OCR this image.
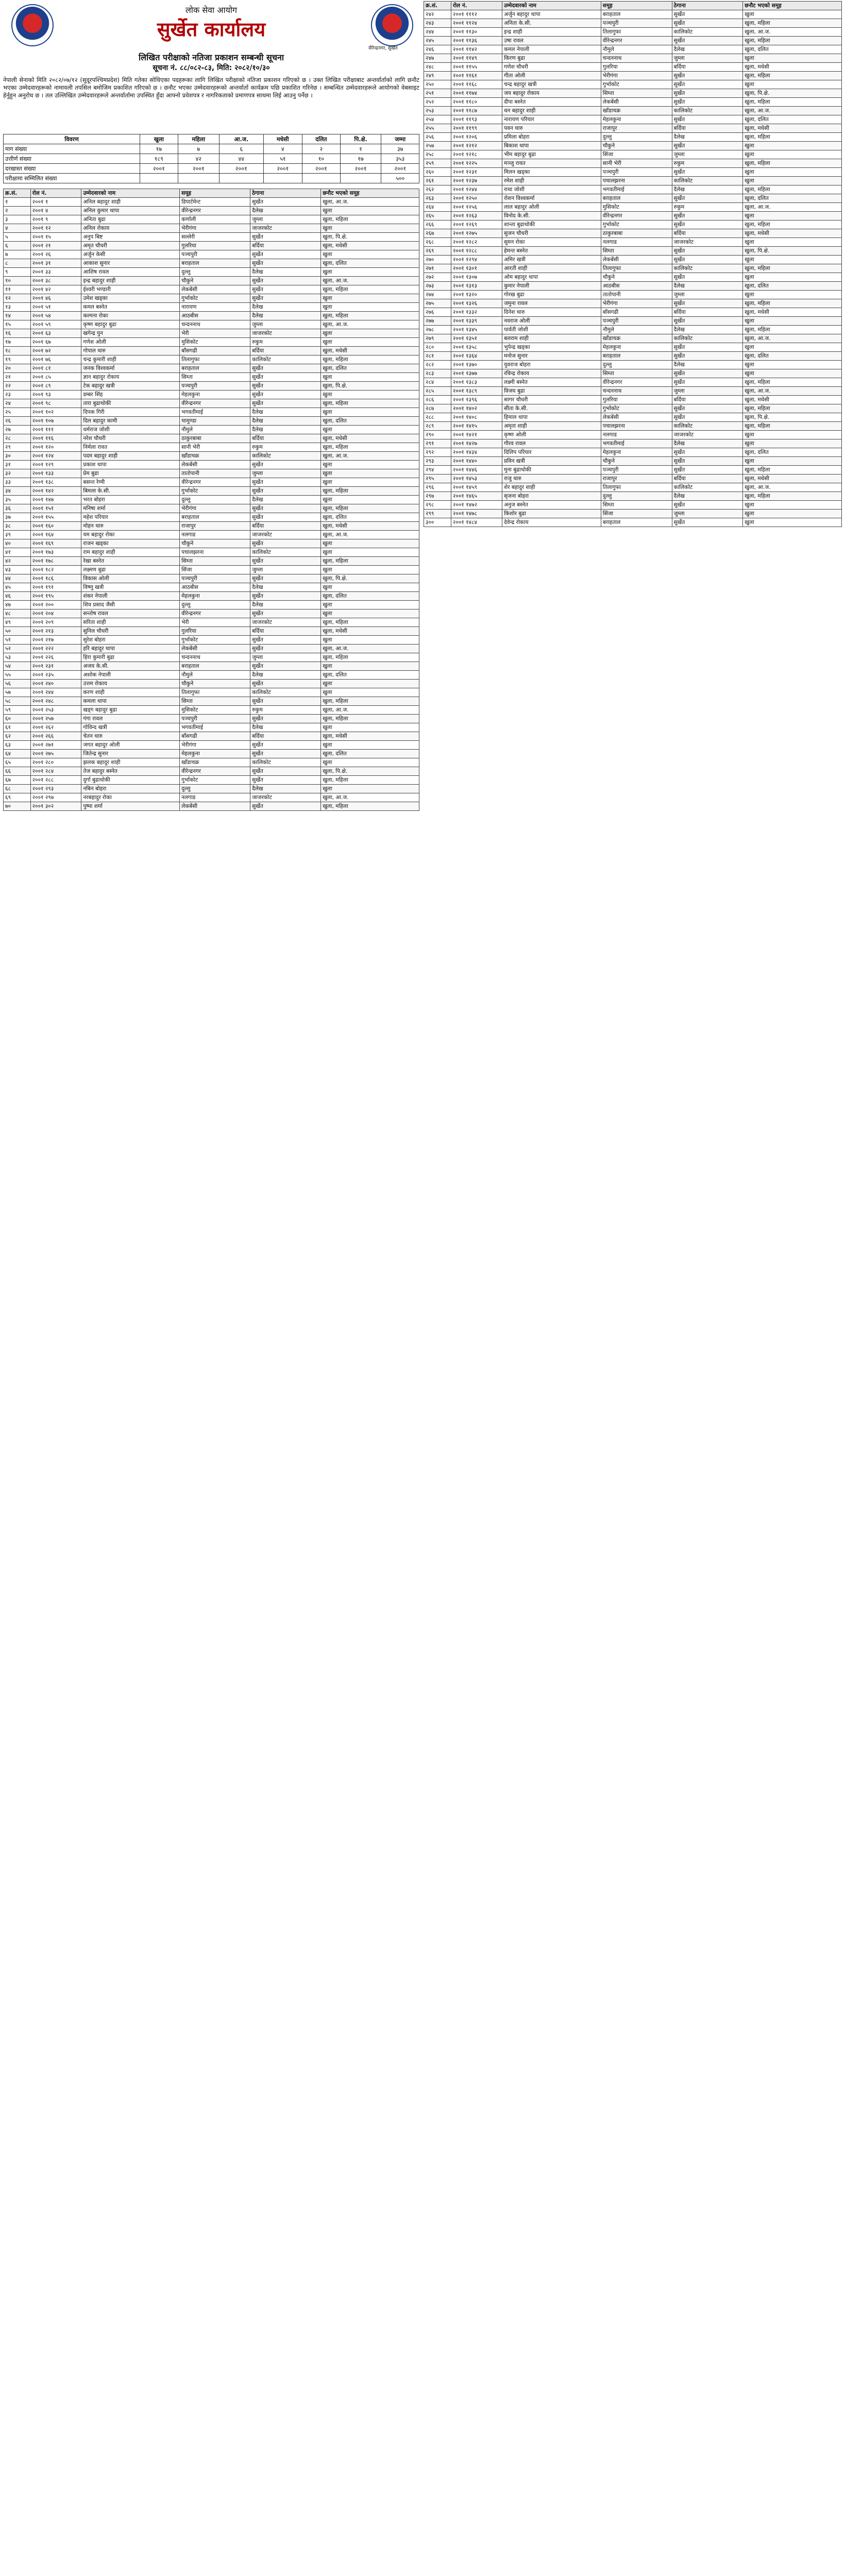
लोक सेवा आयोग
सुर्खेत कार्यालय
वीरेन्द्रनगर, सुर्खेत
लिखित परीक्षाको नतिजा प्रकाशन सम्बन्धी सूचना
सूचना नं. ८८/०८२-८३, मिति: २०८२/१०/३०
नेपाली सेनाको मिति २०८२/०७/१२ (सुदूरपश्चिमप्रदेश) मिति गतेका सोधिएका पदहरूका लागि लिखित परीक्षाको नतिजा प्रकाशन गरिएको छ । उक्त लिखित परीक्षाबाट अन्तर्वार्ताको लागि छनौट भएका उम्मेदवारहरूको नामावली तपसिल बमोजिम प्रकाशित गरिएको छ । छनौट भएका उम्मेदवारहरूको अन्तर्वार्ता कार्यक्रम पछि प्रकाशित गरिनेछ । सम्बन्धित उम्मेदवारहरूले आयोगको वेबसाइट हेर्नुहुन अनुरोध छ । तल उल्लिखित उम्मेदवारहरूले अन्तर्वार्तामा उपस्थित हुँदा आफ्नो प्रवेशपत्र र नागरिकताको प्रमाणपत्र साथमा लिई आउनु पर्नेछ ।
विवरण	खुला	महिला	आ.ज.	मधेसी	दलित	पि.क्षे.	जम्मा
माग संख्या	१७	७	६	४	२	१	३७
उत्तीर्ण संख्या	१८९	४२	४४	५१	१०	१७	३५३
दरखास्त संख्या	२००१	२००१	२००१	२००१	२००१	२००१	२००१
परीक्षामा सम्मिलित संख्या							५००
क्र.सं.	रोल नं.	उम्मेदवारको नाम	समूह	ठेगाना	छनौट भएको समूह
१	२००१ १	अनिल बहादुर शाही	डिपार्टमेन्ट	सुर्खेत	खुला, आ.ज.
२	२००१ ४	अनिल कुमार थापा	वीरेन्द्रनगर	दैलेख	खुला
३	२००१ ९	अनिता बुढा	कर्णाली	जुम्ला	खुला, महिला
४	२००१ १२	अनिल रोकाय	भेरीगंगा	जाजरकोट	खुला
५	२००१ १५	अनुप बिष्ट	सल्लेरी	सुर्खेत	खुला, पि.क्षे.
६	२००१ २१	अमृत चौधरी	गुलरिया	बर्दिया	खुला, मधेसी
७	२००१ २६	अर्जुन केसी	पञ्चपुरी	सुर्खेत	खुला
८	२००१ ३१	आकाश सुनार	बराहताल	सुर्खेत	खुला, दलित
९	२००१ ३३	आशिष रावल	दुल्लु	दैलेख	खुला
१०	२००१ ३८	इन्द्र बहादुर शाही	चौकुने	सुर्खेत	खुला, आ.ज.
११	२००१ ४२	ईश्वरी भण्डारी	लेकबेंसी	सुर्खेत	खुला, महिला
१२	२००१ ४६	उमेश खड्का	गुर्भाकोट	सुर्खेत	खुला
१३	२००१ ५१	कमल बस्नेत	नारायण	दैलेख	खुला
१४	२००१ ५४	कल्पना रोका	आठबीस	दैलेख	खुला, महिला
१५	२००१ ५९	कृष्ण बहादुर बुढा	चन्दननाथ	जुम्ला	खुला, आ.ज.
१६	२००१ ६३	खगेन्द्र पुन	भेरी	जाजरकोट	खुला
१७	२००१ ६७	गणेश ओली	मुसिकोट	रुकुम	खुला
१८	२००१ ७२	गोपाल थारु	बाँसगढी	बर्दिया	खुला, मधेसी
१९	२००१ ७६	चन्द्र कुमारी शाही	तिलागुफा	कालिकोट	खुला, महिला
२०	२००१ ८१	जनक विश्वकर्मा	बराहताल	सुर्खेत	खुला, दलित
२१	२००१ ८५	ज्ञान बहादुर रोकाय	सिम्ता	सुर्खेत	खुला
२२	२००१ ८९	टेक बहादुर खत्री	पञ्चपुरी	सुर्खेत	खुला, पि.क्षे.
२३	२००१ ९३	डम्बर सिंह	मेहलकुना	सुर्खेत	खुला
२४	२००१ ९८	तारा बुढाथोकी	वीरेन्द्रनगर	सुर्खेत	खुला, महिला
२५	२००१ १०२	दिपक गिरी	भगवतीमाई	दैलेख	खुला
२६	२००१ १०७	दिल बहादुर कामी	चामुण्डा	दैलेख	खुला, दलित
२७	२००१ १११	धर्मराज जोशी	नौमुले	दैलेख	खुला
२८	२००१ ११६	नरेश चौधरी	ठाकुरबाबा	बर्दिया	खुला, मधेसी
२९	२००१ १२०	निर्मला रावत	सानी भेरी	रुकुम	खुला, महिला
३०	२००१ १२४	पदम बहादुर शाही	खाँडाचक्र	कालिकोट	खुला, आ.ज.
३१	२००१ १२९	प्रकाश थापा	लेकबेंसी	सुर्खेत	खुला
३२	२००१ १३३	प्रेम बुढा	तातोपानी	जुम्ला	खुला
३३	२००१ १३८	बसन्त रेग्मी	वीरेन्द्रनगर	सुर्खेत	खुला
३४	२००१ १४२	बिमला के.सी.	गुर्भाकोट	सुर्खेत	खुला, महिला
३५	२००१ १४७	भरत बोहरा	दुल्लु	दैलेख	खुला
३६	२००१ १५१	मनिषा शर्मा	भेरीगंगा	सुर्खेत	खुला, महिला
३७	२००१ १५५	महेश परियार	बराहताल	सुर्खेत	खुला, दलित
३८	२००१ १६०	मोहन थारु	राजापुर	बर्दिया	खुला, मधेसी
३९	२००१ १६४	यम बहादुर रोका	नलगाड	जाजरकोट	खुला, आ.ज.
४०	२००१ १६९	राजन खड्का	चौकुने	सुर्खेत	खुला
४१	२००१ १७३	राम बहादुर शाही	पचालझरना	कालिकोट	खुला
४२	२००१ १७८	रेखा बस्नेत	सिम्ता	सुर्खेत	खुला, महिला
४३	२००१ १८२	लक्ष्मण बुढा	सिंजा	जुम्ला	खुला
४४	२००१ १८६	विकास ओली	पञ्चपुरी	सुर्खेत	खुला, पि.क्षे.
४५	२००१ १९१	विष्णु खत्री	आठबीस	दैलेख	खुला
४६	२००१ १९५	शंकर नेपाली	मेहलकुना	सुर्खेत	खुला, दलित
४७	२००१ २००	शिव प्रसाद जैसी	दुल्लु	दैलेख	खुला
४८	२००१ २०४	सन्तोष रावल	वीरेन्द्रनगर	सुर्खेत	खुला
४९	२००१ २०९	सरिता शाही	भेरी	जाजरकोट	खुला, महिला
५०	२००१ २१३	सुनिल चौधरी	गुलरिया	बर्दिया	खुला, मधेसी
५१	२००१ २१७	सुरेश बोहरा	गुर्भाकोट	सुर्खेत	खुला
५२	२००१ २२२	हरि बहादुर थापा	लेकबेंसी	सुर्खेत	खुला, आ.ज.
५३	२००१ २२६	हिरा कुमारी बुढा	चन्दननाथ	जुम्ला	खुला, महिला
५४	२००१ २३१	अजय के.सी.	बराहताल	सुर्खेत	खुला
५५	२००१ २३५	अशोक नेपाली	नौमुले	दैलेख	खुला, दलित
५६	२००१ २४०	उत्तम रोकाय	चौकुने	सुर्खेत	खुला
५७	२००१ २४४	करण शाही	तिलागुफा	कालिकोट	खुला
५८	२००१ २४८	कमला थापा	सिम्ता	सुर्खेत	खुला, महिला
५९	२००१ २५३	खड्ग बहादुर बुढा	मुसिकोट	रुकुम	खुला, आ.ज.
६०	२००१ २५७	गंगा रावल	पञ्चपुरी	सुर्खेत	खुला, महिला
६१	२००१ २६२	गोविन्द खत्री	भगवतीमाई	दैलेख	खुला
६२	२००१ २६६	चेतन थारु	बाँसगढी	बर्दिया	खुला, मधेसी
६३	२००१ २७१	जगत बहादुर ओली	भेरीगंगा	सुर्खेत	खुला
६४	२००१ २७५	जितेन्द्र सुनार	मेहलकुना	सुर्खेत	खुला, दलित
६५	२००१ २८०	झलक बहादुर शाही	खाँडाचक्र	कालिकोट	खुला
६६	२००१ २८४	तेज बहादुर बस्नेत	वीरेन्द्रनगर	सुर्खेत	खुला, पि.क्षे.
६७	२००१ २८८	दुर्गा बुढाथोकी	गुर्भाकोट	सुर्खेत	खुला, महिला
६८	२००१ २९३	नबिन बोहरा	दुल्लु	दैलेख	खुला
६९	२००१ २९७	नरबहादुर रोका	नलगाड	जाजरकोट	खुला, आ.ज.
७०	२००१ ३०२	पुष्पा शर्मा	लेकबेंसी	सुर्खेत	खुला, महिला
क्र.सं.	रोल नं.	उम्मेदवारको नाम	समूह	ठेगाना	छनौट भएको समूह
२४२	२००१ १११२	अर्जुन बहादुर थापा	बराहताल	सुर्खेत	खुला
२४३	२००१ ११२४	अनिता के.सी.	पञ्चपुरी	सुर्खेत	खुला, महिला
२४४	२००१ ११३०	इन्द्र शाही	तिलागुफा	कालिकोट	खुला, आ.ज.
२४५	२००१ ११३६	उषा रावल	वीरेन्द्रनगर	सुर्खेत	खुला, महिला
२४६	२००१ ११४२	कमल नेपाली	नौमुले	दैलेख	खुला, दलित
२४७	२००१ ११४९	किरण बुढा	चन्दननाथ	जुम्ला	खुला
२४८	२००१ ११५५	गणेश चौधरी	गुलरिया	बर्दिया	खुला, मधेसी
२४९	२००१ ११६१	गीता ओली	भेरीगंगा	सुर्खेत	खुला, महिला
२५०	२००१ ११६८	चन्द्र बहादुर खत्री	गुर्भाकोट	सुर्खेत	खुला
२५१	२००१ ११७४	जय बहादुर रोकाय	सिम्ता	सुर्खेत	खुला, पि.क्षे.
२५२	२००१ ११८०	दीपा बस्नेत	लेकबेंसी	सुर्खेत	खुला, महिला
२५३	२००१ ११८७	धन बहादुर शाही	खाँडाचक्र	कालिकोट	खुला, आ.ज.
२५४	२००१ ११९३	नारायण परियार	मेहलकुना	सुर्खेत	खुला, दलित
२५५	२००१ ११९९	पवन थारु	राजापुर	बर्दिया	खुला, मधेसी
२५६	२००१ १२०६	प्रमिला बोहरा	दुल्लु	दैलेख	खुला, महिला
२५७	२००१ १२१२	बिकाश थापा	चौकुने	सुर्खेत	खुला
२५८	२००१ १२१८	भीम बहादुर बुढा	सिंजा	जुम्ला	खुला
२५९	२००१ १२२५	मञ्जु रावत	सानी भेरी	रुकुम	खुला, महिला
२६०	२००१ १२३१	मिलन खड्का	पञ्चपुरी	सुर्खेत	खुला
२६१	२००१ १२३७	रमेश शाही	पचालझरना	कालिकोट	खुला
२६२	२००१ १२४४	राधा जोशी	भगवतीमाई	दैलेख	खुला, महिला
२६३	२००१ १२५०	रोशन विश्वकर्मा	बराहताल	सुर्खेत	खुला, दलित
२६४	२००१ १२५६	लाल बहादुर ओली	मुसिकोट	रुकुम	खुला, आ.ज.
२६५	२००१ १२६३	विनोद के.सी.	वीरेन्द्रनगर	सुर्खेत	खुला
२६६	२००१ १२६९	शान्ता बुढाथोकी	गुर्भाकोट	सुर्खेत	खुला, महिला
२६७	२००१ १२७५	सुजन चौधरी	ठाकुरबाबा	बर्दिया	खुला, मधेसी
२६८	२००१ १२८२	सुमन रोका	नलगाड	जाजरकोट	खुला
२६९	२००१ १२८८	हेमन्त बस्नेत	सिम्ता	सुर्खेत	खुला, पि.क्षे.
२७०	२००१ १२९४	अमिर खत्री	लेकबेंसी	सुर्खेत	खुला
२७१	२००१ १३०१	आरती शाही	तिलागुफा	कालिकोट	खुला, महिला
२७२	२००१ १३०७	ओम बहादुर थापा	चौकुने	सुर्खेत	खुला
२७३	२००१ १३१३	कुमार नेपाली	आठबीस	दैलेख	खुला, दलित
२७४	२००१ १३२०	गोरख बुढा	तातोपानी	जुम्ला	खुला
२७५	२००१ १३२६	जमुना रावल	भेरीगंगा	सुर्खेत	खुला, महिला
२७६	२००१ १३३२	दिनेश थारु	बाँसगढी	बर्दिया	खुला, मधेसी
२७७	२००१ १३३९	नवराज ओली	पञ्चपुरी	सुर्खेत	खुला
२७८	२००१ १३४५	पार्वती जोशी	नौमुले	दैलेख	खुला, महिला
२७९	२००१ १३५१	बलराम शाही	खाँडाचक्र	कालिकोट	खुला, आ.ज.
२८०	२००१ १३५८	भुपेन्द्र खड्का	मेहलकुना	सुर्खेत	खुला
२८१	२००१ १३६४	मनोज सुनार	बराहताल	सुर्खेत	खुला, दलित
२८२	२००१ १३७०	युवराज बोहरा	दुल्लु	दैलेख	खुला
२८३	२००१ १३७७	रविन्द्र रोकाय	सिम्ता	सुर्खेत	खुला
२८४	२००१ १३८३	लक्ष्मी बस्नेत	वीरेन्द्रनगर	सुर्खेत	खुला, महिला
२८५	२००१ १३८९	विजय बुढा	चन्दननाथ	जुम्ला	खुला, आ.ज.
२८६	२००१ १३९६	सागर चौधरी	गुलरिया	बर्दिया	खुला, मधेसी
२८७	२००१ १४०२	सीता के.सी.	गुर्भाकोट	सुर्खेत	खुला, महिला
२८८	२००१ १४०८	हिमाल थापा	लेकबेंसी	सुर्खेत	खुला, पि.क्षे.
२८९	२००१ १४१५	अमृता शाही	पचालझरना	कालिकोट	खुला, महिला
२९०	२००१ १४२१	कृष्ण ओली	नलगाड	जाजरकोट	खुला
२९१	२००१ १४२७	गौरव रावल	भगवतीमाई	दैलेख	खुला
२९२	२००१ १४३४	दिलिप परियार	मेहलकुना	सुर्खेत	खुला, दलित
२९३	२००१ १४४०	प्रविन खत्री	चौकुने	सुर्खेत	खुला
२९४	२००१ १४४६	मुना बुढाथोकी	पञ्चपुरी	सुर्खेत	खुला, महिला
२९५	२००१ १४५३	राजु थारु	राजापुर	बर्दिया	खुला, मधेसी
२९६	२००१ १४५९	शेर बहादुर शाही	तिलागुफा	कालिकोट	खुला, आ.ज.
२९७	२००१ १४६५	सृजना बोहरा	दुल्लु	दैलेख	खुला, महिला
२९८	२००१ १४७२	अनुज बस्नेत	सिम्ता	सुर्खेत	खुला
२९९	२००१ १४७८	किशोर बुढा	सिंजा	जुम्ला	खुला
३००	२००१ १४८४	देवेन्द्र रोकाय	बराहताल	सुर्खेत	खुला
